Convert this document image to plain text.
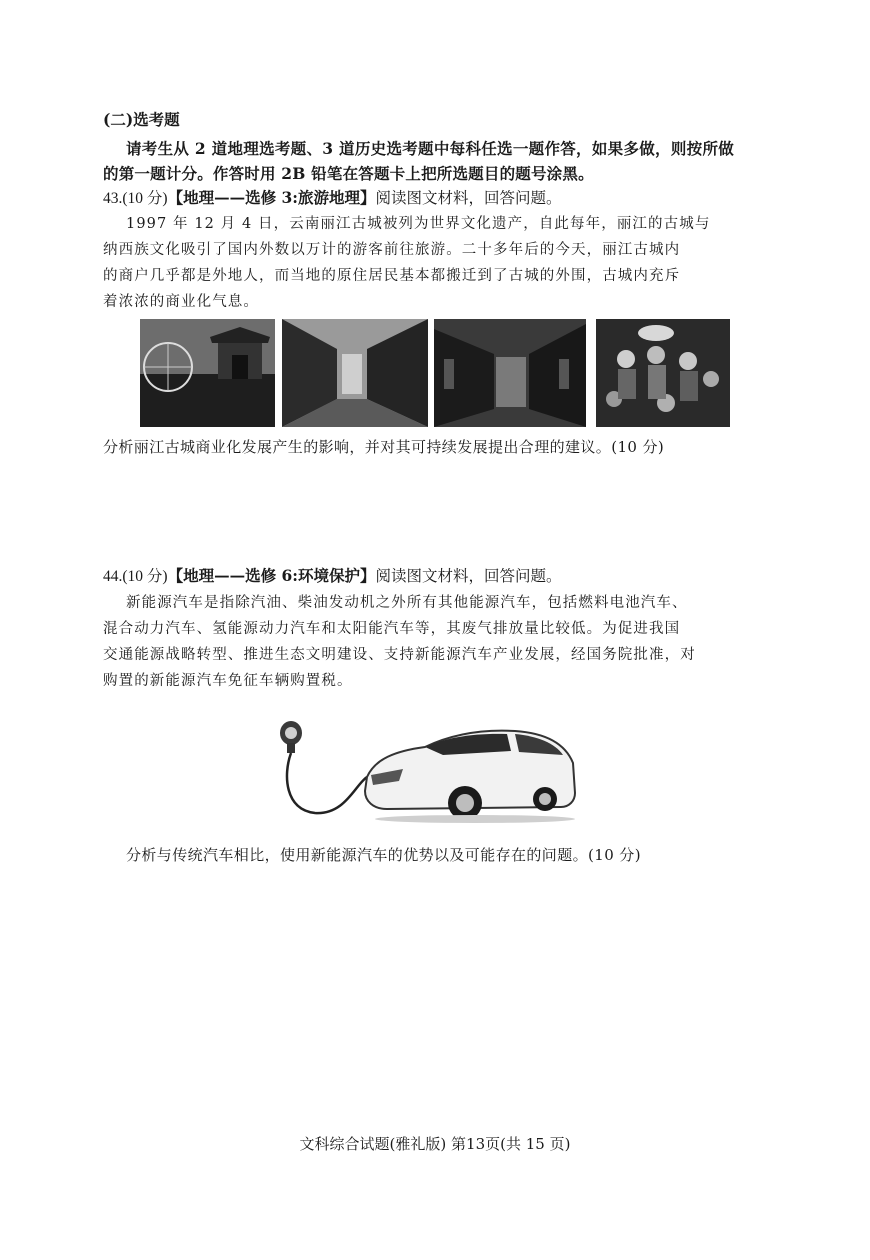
(二)选考题
请考生从 2 道地理选考题、3 道历史选考题中每科任选一题作答，如果多做，则按所做
的第一题计分。作答时用 2B 铅笔在答题卡上把所选题目的题号涂黑。
43.(10 分)【地理——选修 3:旅游地理】阅读图文材料，回答问题。
1997 年 12 月 4 日，云南丽江古城被列为世界文化遗产，自此每年，丽江的古城与
纳西族文化吸引了国内外数以万计的游客前往旅游。二十多年后的今天，丽江古城内
的商户几乎都是外地人，而当地的原住居民基本都搬迁到了古城的外围，古城内充斥
着浓浓的商业化气息。
分析丽江古城商业化发展产生的影响，并对其可持续发展提出合理的建议。(10 分)
44.(10 分)【地理——选修 6:环境保护】阅读图文材料，回答问题。
新能源汽车是指除汽油、柴油发动机之外所有其他能源汽车，包括燃料电池汽车、
混合动力汽车、氢能源动力汽车和太阳能汽车等，其废气排放量比较低。为促进我国
交通能源战略转型、推进生态文明建设、支持新能源汽车产业发展，经国务院批准，对
购置的新能源汽车免征车辆购置税。
分析与传统汽车相比，使用新能源汽车的优势以及可能存在的问题。(10 分)
文科综合试题(雅礼版) 第13页(共 15 页)
